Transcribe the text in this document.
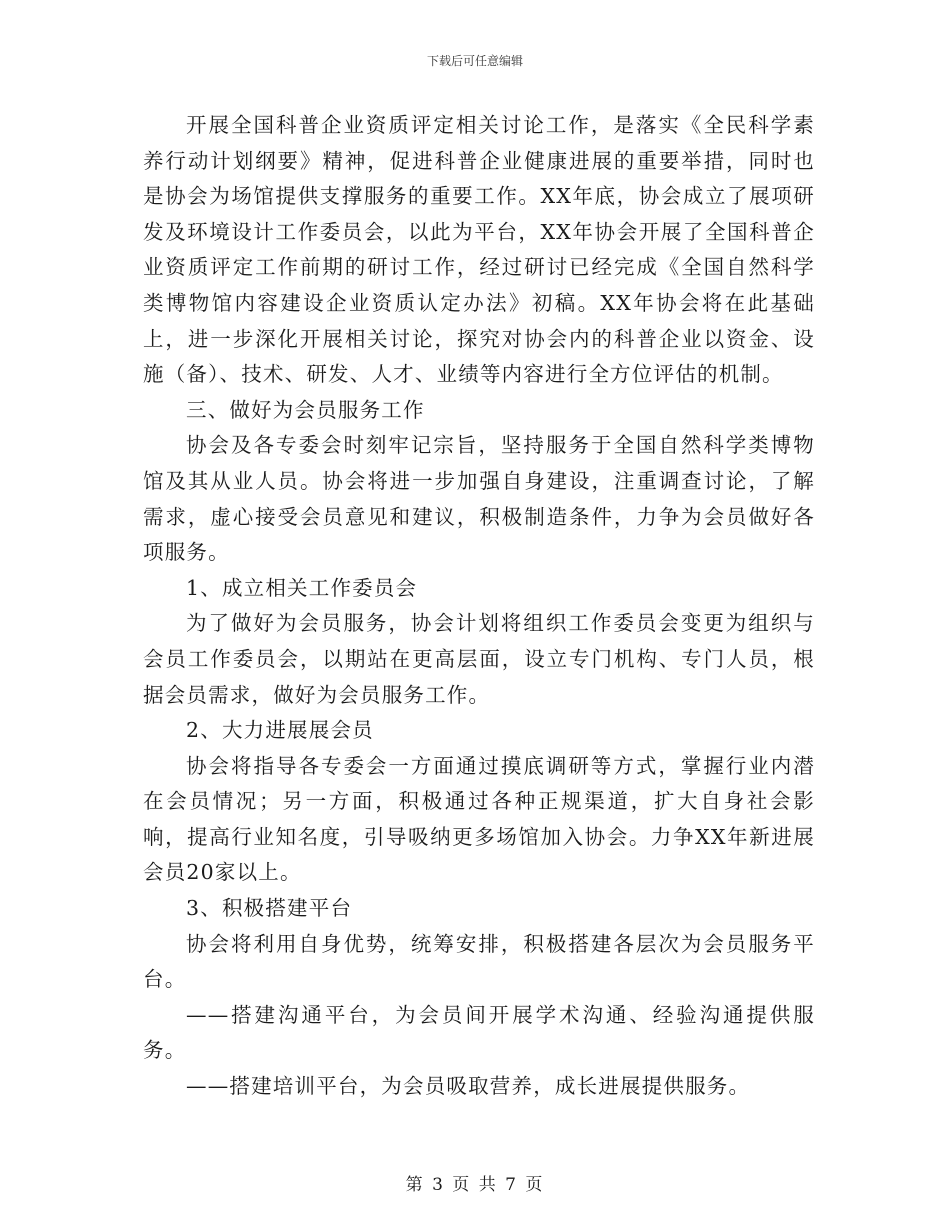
下载后可任意编辑

开展全国科普企业资质评定相关讨论工作，是落实《全民科学素养行动计划纲要》精神，促进科普企业健康进展的重要举措，同时也是协会为场馆提供支撑服务的重要工作。XX年底，协会成立了展项研发及环境设计工作委员会，以此为平台，XX年协会开展了全国科普企业资质评定工作前期的研讨工作，经过研讨已经完成《全国自然科学类博物馆内容建设企业资质认定办法》初稿。XX年协会将在此基础上，进一步深化开展相关讨论，探究对协会内的科普企业以资金、设施（备）、技术、研发、人才、业绩等内容进行全方位评估的机制。

三、做好为会员服务工作

协会及各专委会时刻牢记宗旨，坚持服务于全国自然科学类博物馆及其从业人员。协会将进一步加强自身建设，注重调查讨论，了解需求，虚心接受会员意见和建议，积极制造条件，力争为会员做好各项服务。

1、成立相关工作委员会

为了做好为会员服务，协会计划将组织工作委员会变更为组织与会员工作委员会，以期站在更高层面，设立专门机构、专门人员，根据会员需求，做好为会员服务工作。

2、大力进展展会员

协会将指导各专委会一方面通过摸底调研等方式，掌握行业内潜在会员情况；另一方面，积极通过各种正规渠道，扩大自身社会影响，提高行业知名度，引导吸纳更多场馆加入协会。力争XX年新进展会员20家以上。

3、积极搭建平台

协会将利用自身优势，统筹安排，积极搭建各层次为会员服务平台。

——搭建沟通平台，为会员间开展学术沟通、经验沟通提供服务。

——搭建培训平台，为会员吸取营养，成长进展提供服务。

第 3 页 共 7 页
